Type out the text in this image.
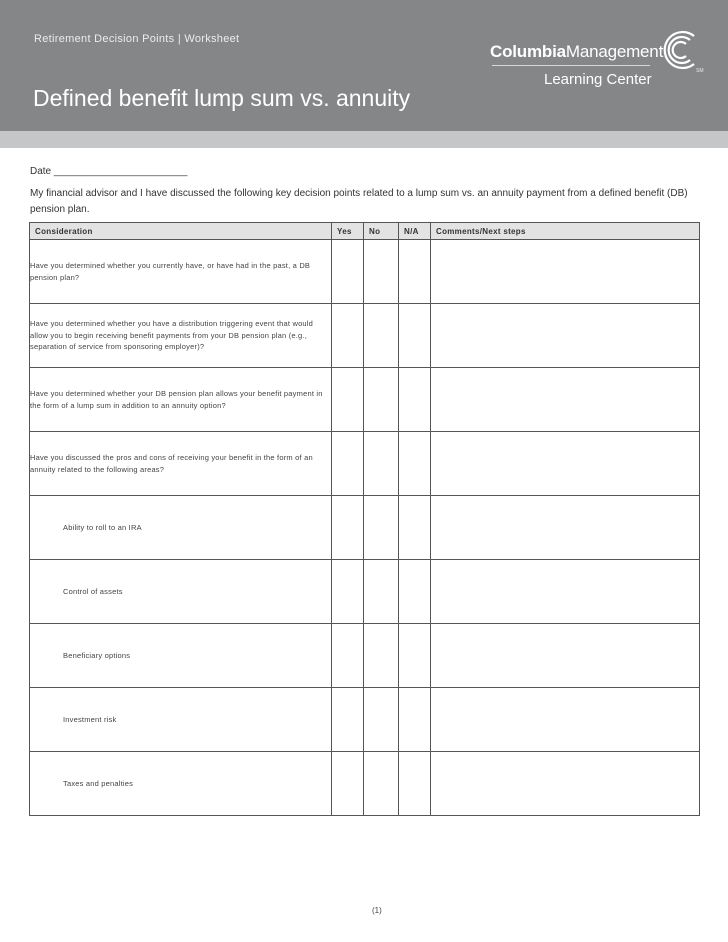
Retirement Decision Points | Worksheet
Defined benefit lump sum vs. annuity
ColumbiaManagement
Learning Center	SM
Date ________________________
My financial advisor and I have discussed the following key decision points related to a lump sum vs. an annuity payment from a defined benefit (DB) pension plan.
Consideration	Yes	No	N/A	Comments/Next steps
Have you determined whether you currently have, or have had in the past, a DB pension plan?				
Have you determined whether you have a distribution triggering event that would allow you to begin receiving benefit payments from your DB pension plan (e.g., separation of service from sponsoring employer)?				
Have you determined whether your DB pension plan allows your benefit payment in the form of a lump sum in addition to an annuity option?				
Have you discussed the pros and cons of receiving your benefit in the form of an annuity related to the following areas?				
Ability to roll to an IRA				
Control of assets				
Beneficiary options				
Investment risk				
Taxes and penalties				
(1)
